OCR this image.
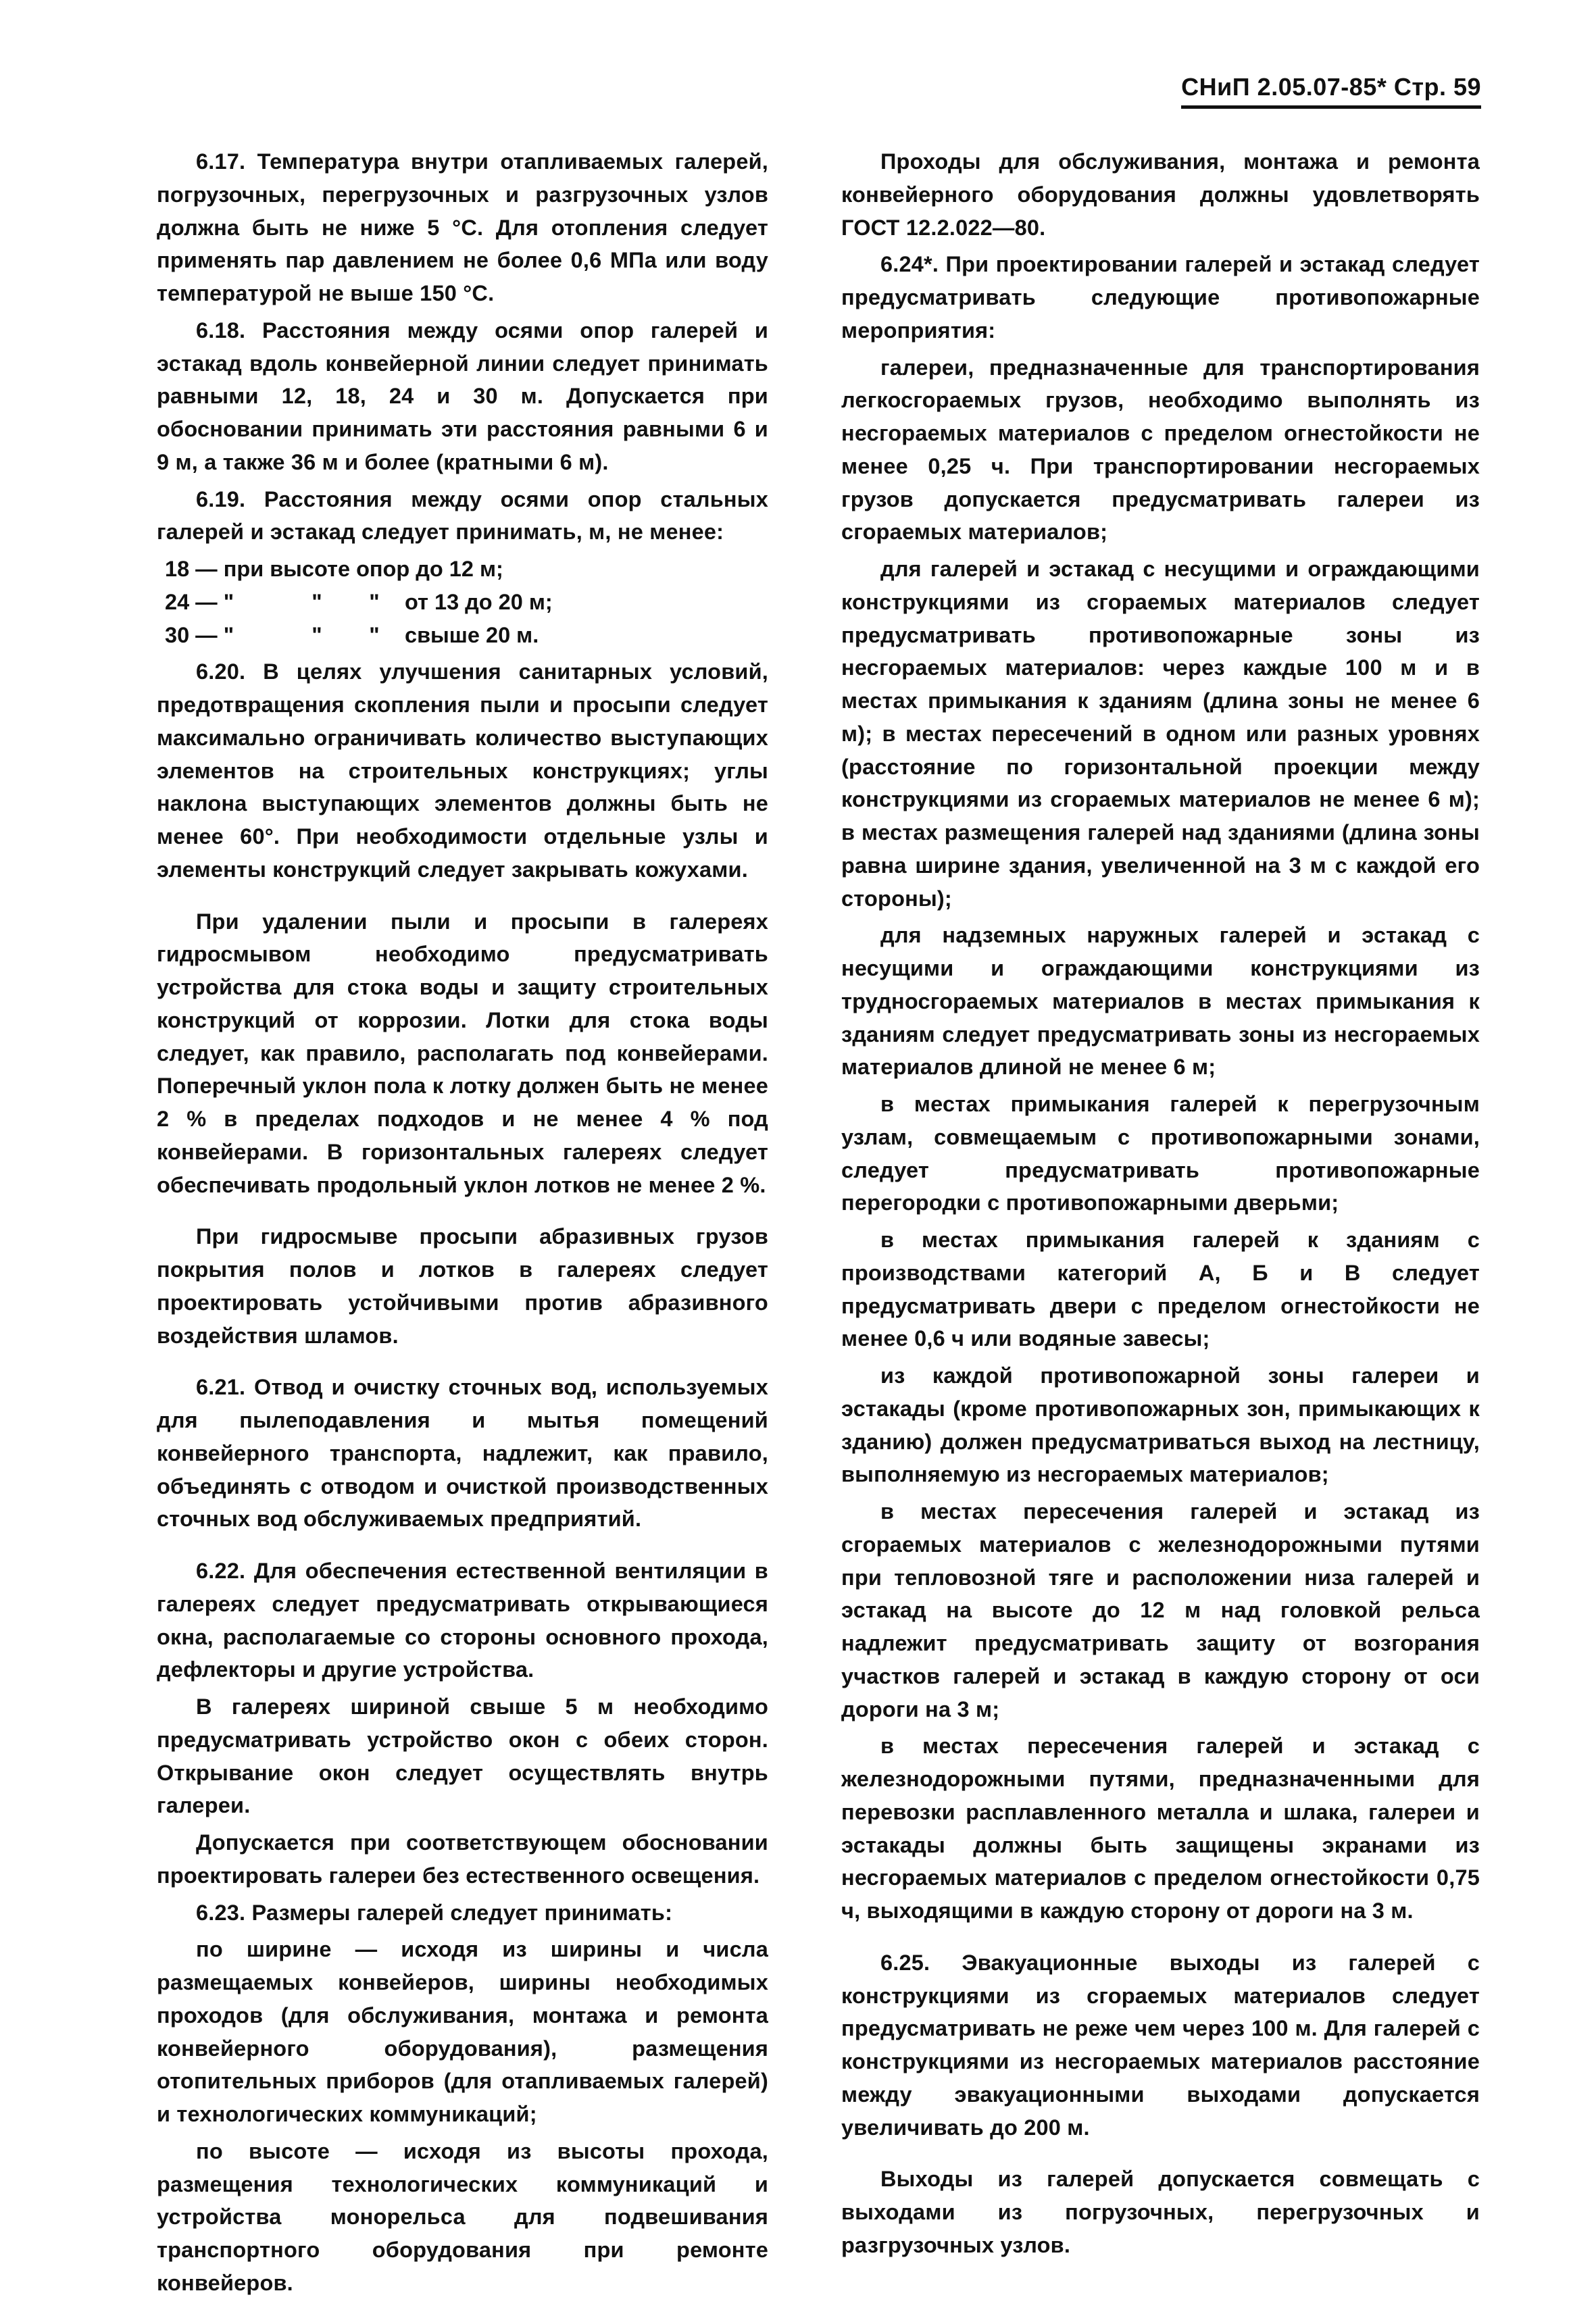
СНиП 2.05.07-85* Стр. 59

6.17. Температура внутри отапливаемых галерей, погрузочных, перегрузочных и разгрузочных узлов должна быть не ниже 5 °С. Для отопления следует применять пар давлением не более 0,6 МПа или воду температурой не выше 150 °С.

6.18. Расстояния между осями опор галерей и эстакад вдоль конвейерной линии следует принимать равными 12, 18, 24 и 30 м. Допускается при обосновании принимать эти расстояния равными 6 и 9 м, а также 36 м и более (кратными 6 м).

6.19. Расстояния между осями опор стальных галерей и эстакад следует принимать, м, не менее:

18 — при высоте опор до 12 м;
24 — "	"	"	от 13 до 20 м;
30 — "	"	"	свыше 20 м.

6.20. В целях улучшения санитарных условий, предотвращения скопления пыли и просыпи следует максимально ограничивать количество выступающих элементов на строительных конструкциях; углы наклона выступающих элементов должны быть не менее 60°. При необходимости отдельные узлы и элементы конструкций следует закрывать кожухами.

При удалении пыли и просыпи в галереях гидросмывом необходимо предусматривать устройства для стока воды и защиту строительных конструкций от коррозии. Лотки для стока воды следует, как правило, располагать под конвейерами. Поперечный уклон пола к лотку должен быть не менее 2 % в пределах подходов и не менее 4 % под конвейерами. В горизонтальных галереях следует обеспечивать продольный уклон лотков не менее 2 %.

При гидросмыве просыпи абразивных грузов покрытия полов и лотков в галереях следует проектировать устойчивыми против абразивного воздействия шламов.

6.21. Отвод и очистку сточных вод, используемых для пылеподавления и мытья помещений конвейерного транспорта, надлежит, как правило, объединять с отводом и очисткой производственных сточных вод обслуживаемых предприятий.

6.22. Для обеспечения естественной вентиляции в галереях следует предусматривать открывающиеся окна, располагаемые со стороны основного прохода, дефлекторы и другие устройства.

В галереях шириной свыше 5 м необходимо предусматривать устройство окон с обеих сторон. Открывание окон следует осуществлять внутрь галереи.

Допускается при соответствующем обосновании проектировать галереи без естественного освещения.

6.23. Размеры галерей следует принимать:

по ширине — исходя из ширины и числа размещаемых конвейеров, ширины необходимых проходов (для обслуживания, монтажа и ремонта конвейерного оборудования), размещения отопительных приборов (для отапливаемых галерей) и технологических коммуникаций;

по высоте — исходя из высоты прохода, размещения технологических коммуникаций и устройства монорельса для подвешивания транспортного оборудования при ремонте конвейеров.

Проходы для обслуживания, монтажа и ремонта конвейерного оборудования должны удовлетворять ГОСТ 12.2.022—80.

6.24*. При проектировании галерей и эстакад следует предусматривать следующие противопожарные мероприятия:

галереи, предназначенные для транспортирования легкосгораемых грузов, необходимо выполнять из несгораемых материалов с пределом огнестойкости не менее 0,25 ч. При транспортировании несгораемых грузов допускается предусматривать галереи из сгораемых материалов;

для галерей и эстакад с несущими и ограждающими конструкциями из сгораемых материалов следует предусматривать противопожарные зоны из несгораемых материалов: через каждые 100 м и в местах примыкания к зданиям (длина зоны не менее 6 м); в местах пересечений в одном или разных уровнях (расстояние по горизонтальной проекции между конструкциями из сгораемых материалов не менее 6 м); в местах размещения галерей над зданиями (длина зоны равна ширине здания, увеличенной на 3 м с каждой его стороны);

для надземных наружных галерей и эстакад с несущими и ограждающими конструкциями из трудносгораемых материалов в местах примыкания к зданиям следует предусматривать зоны из несгораемых материалов длиной не менее 6 м;

в местах примыкания галерей к перегрузочным узлам, совмещаемым с противопожарными зонами, следует предусматривать противопожарные перегородки с противопожарными дверьми;

в местах примыкания галерей к зданиям с производствами категорий А, Б и В следует предусматривать двери с пределом огнестойкости не менее 0,6 ч или водяные завесы;

из каждой противопожарной зоны галереи и эстакады (кроме противопожарных зон, примыкающих к зданию) должен предусматриваться выход на лестницу, выполняемую из несгораемых материалов;

в местах пересечения галерей и эстакад из сгораемых материалов с железнодорожными путями при тепловозной тяге и расположении низа галерей и эстакад на высоте до 12 м над головкой рельса надлежит предусматривать защиту от возгорания участков галерей и эстакад в каждую сторону от оси дороги на 3 м;

в местах пересечения галерей и эстакад с железнодорожными путями, предназначенными для перевозки расплавленного металла и шлака, галереи и эстакады должны быть защищены экранами из несгораемых материалов с пределом огнестойкости 0,75 ч, выходящими в каждую сторону от дороги на 3 м.

6.25. Эвакуационные выходы из галерей с конструкциями из сгораемых материалов следует предусматривать не реже чем через 100 м. Для галерей с конструкциями из несгораемых материалов расстояние между эвакуационными выходами допускается увеличивать до 200 м.

Выходы из галерей допускается совмещать с выходами из погрузочных, перегрузочных и разгрузочных узлов.
